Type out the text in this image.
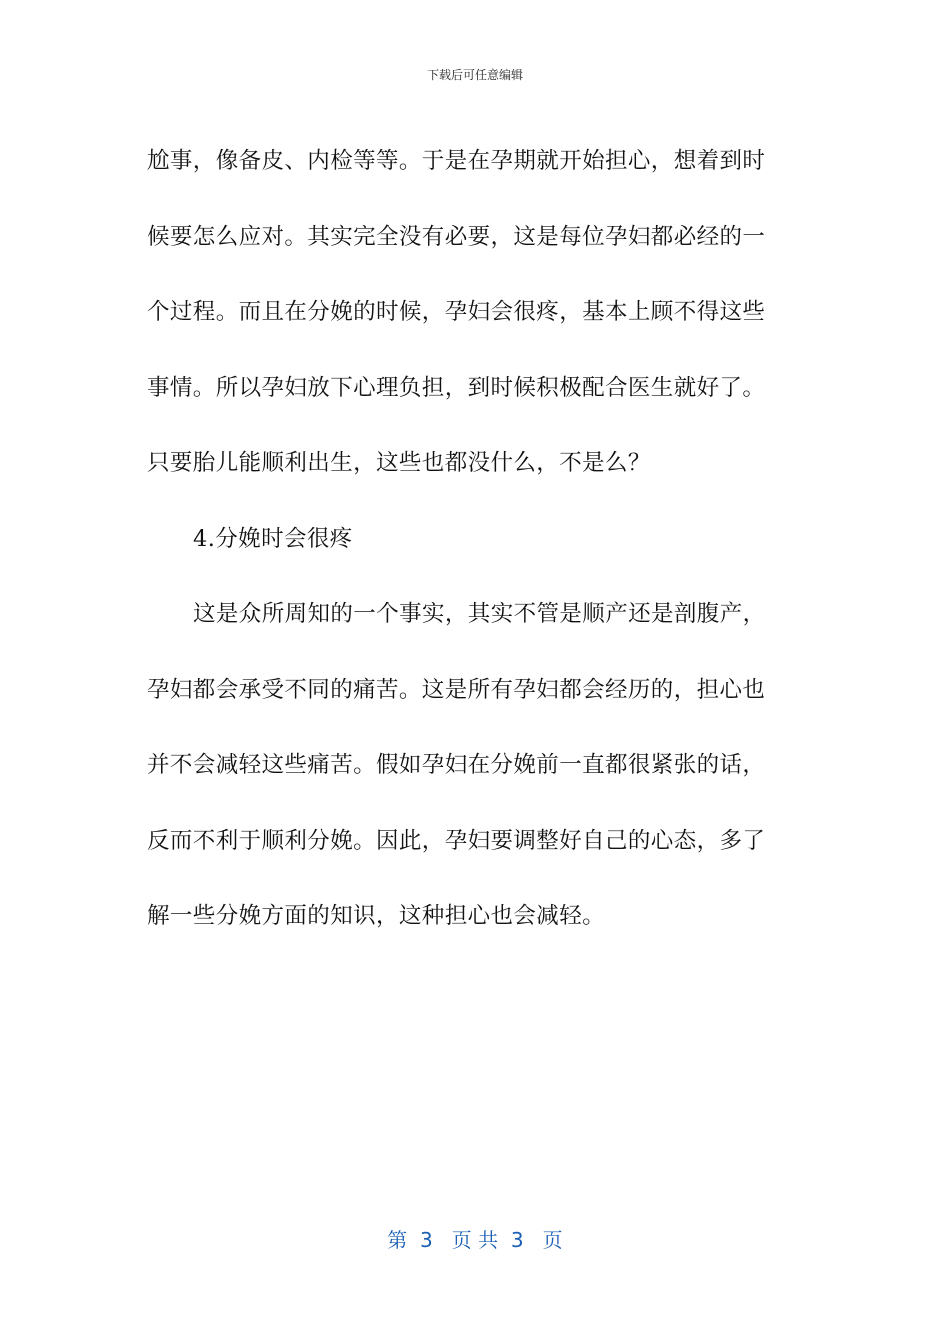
下载后可任意编辑
尬事，像备皮、内检等等。于是在孕期就开始担心，想着到时
候要怎么应对。其实完全没有必要，这是每位孕妇都必经的一
个过程。而且在分娩的时候，孕妇会很疼，基本上顾不得这些
事情。所以孕妇放下心理负担，到时候积极配合医生就好了。
只要胎儿能顺利出生，这些也都没什么，不是么？
4.分娩时会很疼
这是众所周知的一个事实，其实不管是顺产还是剖腹产，
孕妇都会承受不同的痛苦。这是所有孕妇都会经历的，担心也
并不会减轻这些痛苦。假如孕妇在分娩前一直都很紧张的话，
反而不利于顺利分娩。因此，孕妇要调整好自己的心态，多了
解一些分娩方面的知识，这种担心也会减轻。
第  3   页 共  3   页
